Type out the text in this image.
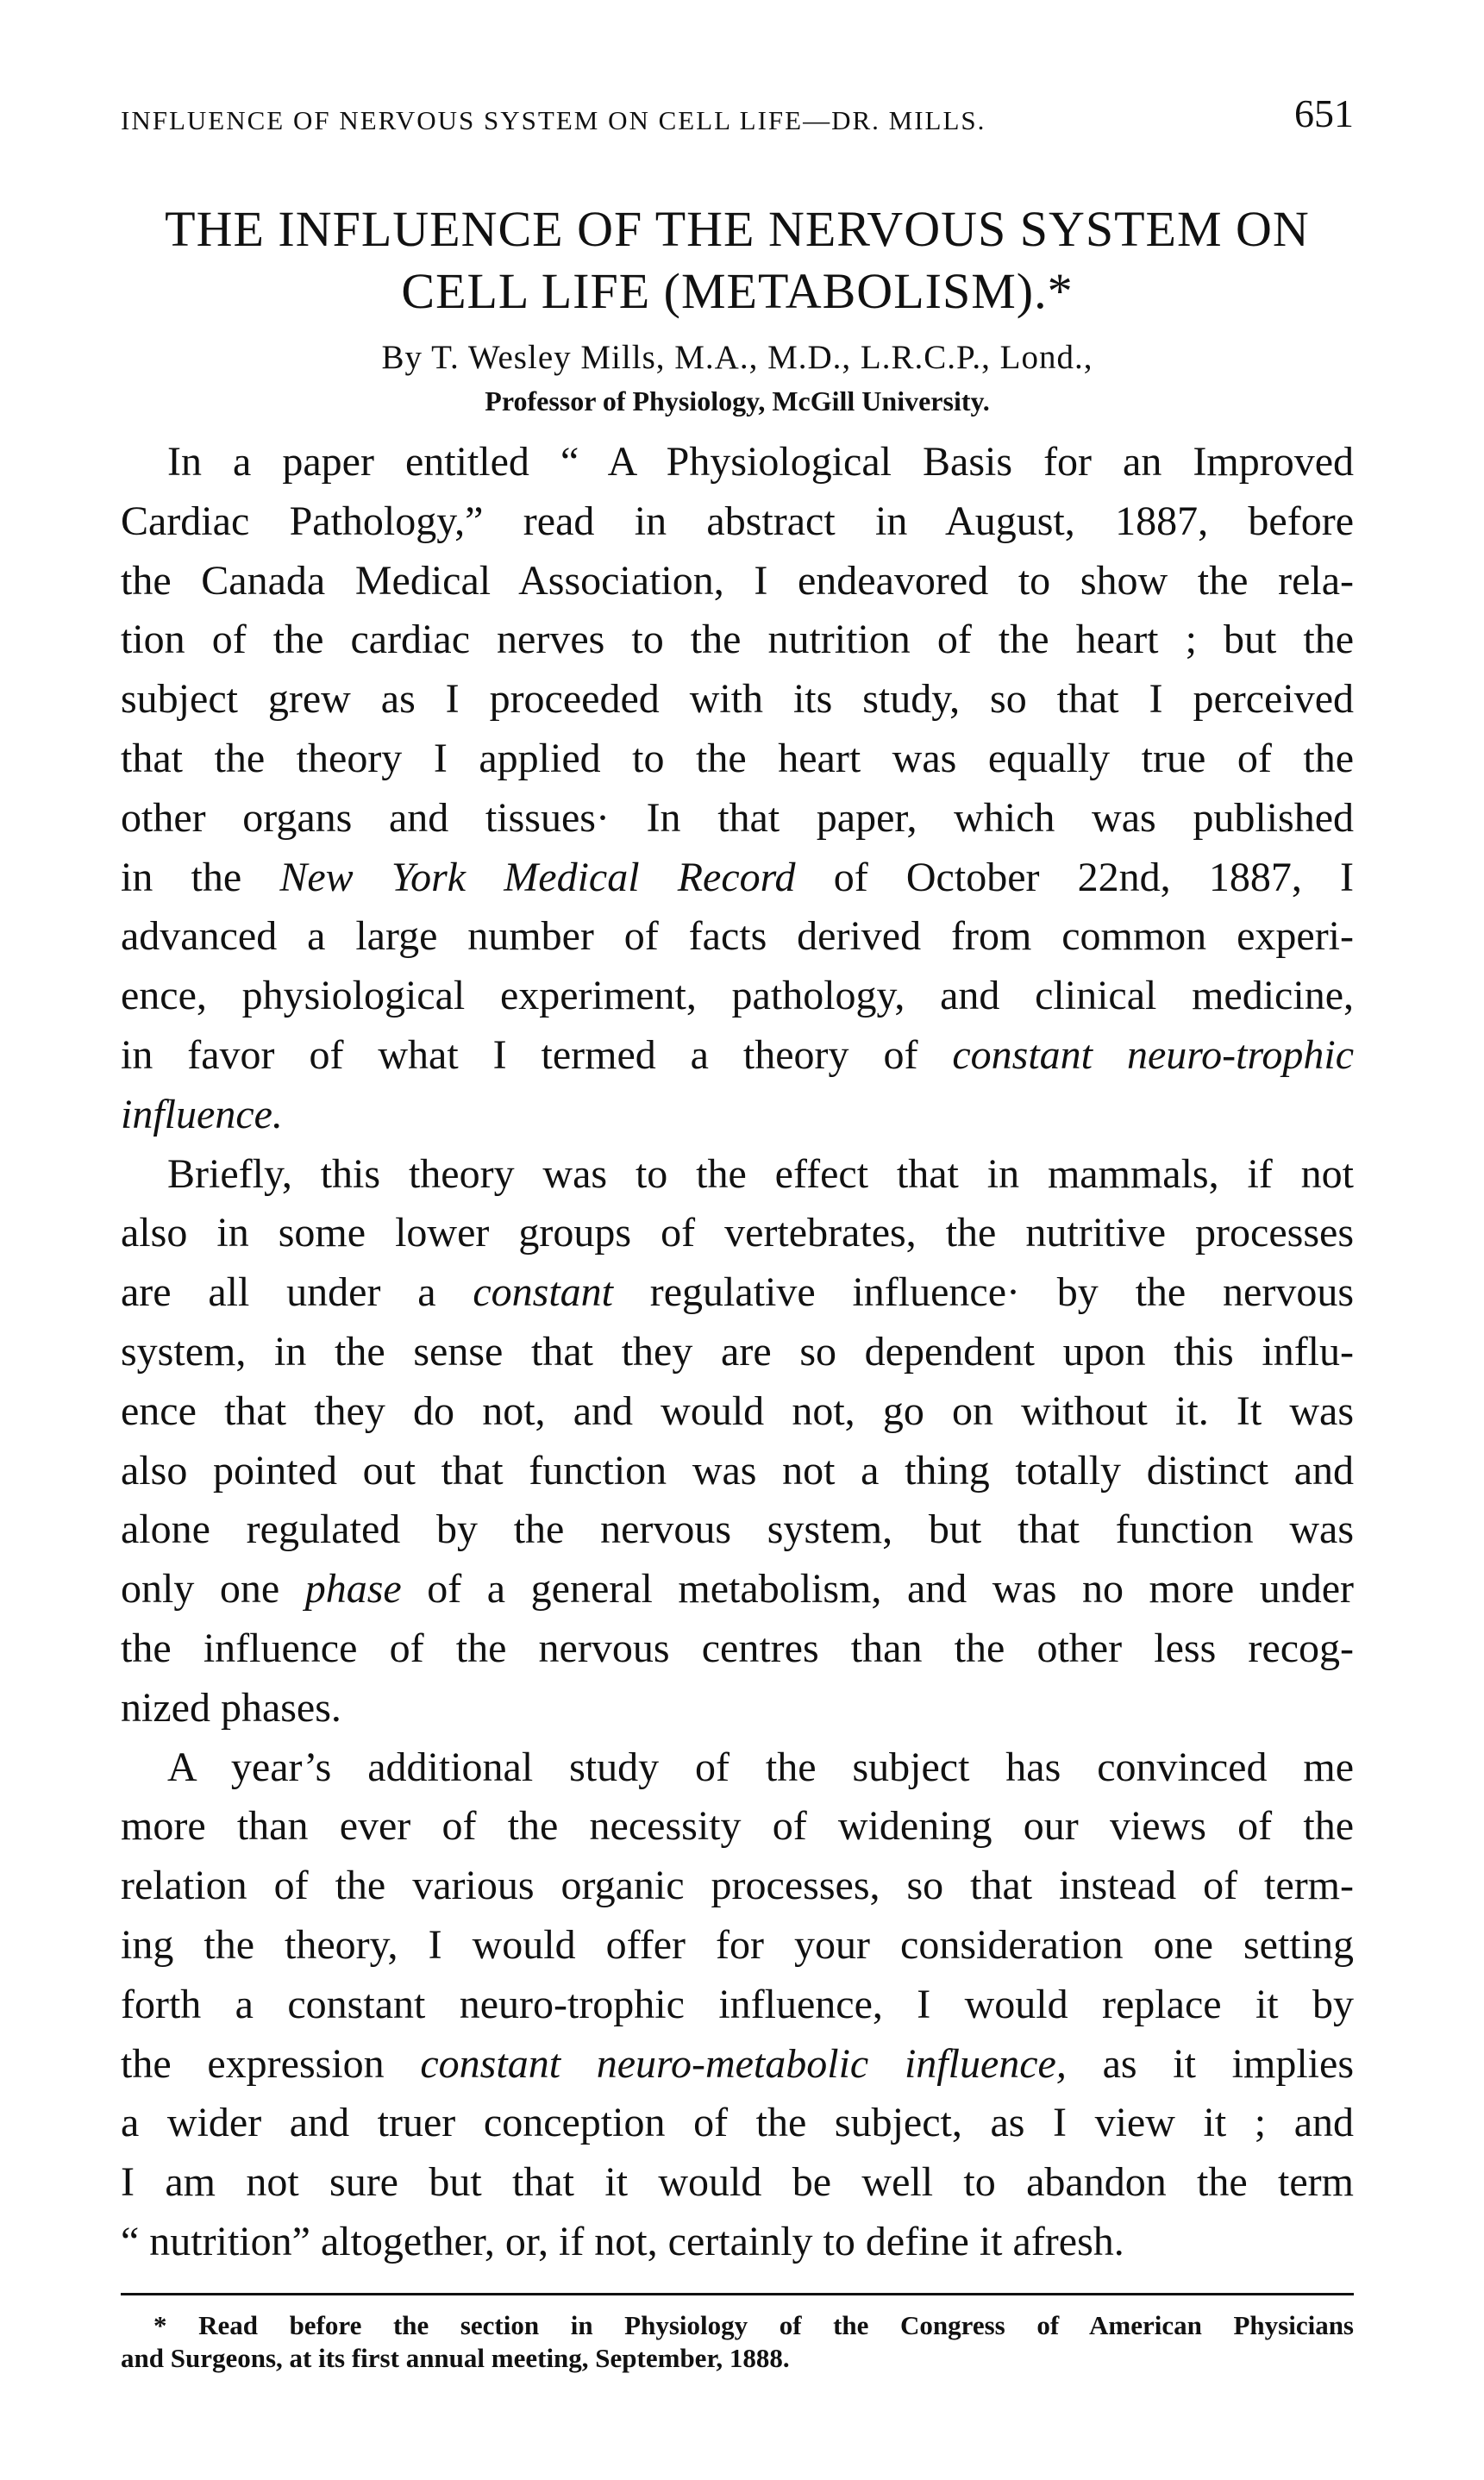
INFLUENCE OF NERVOUS SYSTEM ON CELL LIFE—DR. MILLS.	651
THE INFLUENCE OF THE NERVOUS SYSTEM ON
CELL LIFE (METABOLISM).*
By T. Wesley Mills, M.A., M.D., L.R.C.P., Lond.,
Professor of Physiology, McGill University.
In a paper entitled “ A Physiological Basis for an Improved
Cardiac Pathology,” read in abstract in August, 1887, before
the Canada Medical Association, I endeavored to show the rela-
tion of the cardiac nerves to the nutrition of the heart ; but the
subject grew as I proceeded with its study, so that I perceived
that the theory I applied to the heart was equally true of the
other organs and tissues· In that paper, which was published
in the New York Medical Record of October 22nd, 1887, I
advanced a large number of facts derived from common experi-
ence, physiological experiment, pathology, and clinical medicine,
in favor of what I termed a theory of constant neuro-trophic
influence.
Briefly, this theory was to the effect that in mammals, if not
also in some lower groups of vertebrates, the nutritive processes
are all under a constant regulative influence· by the nervous
system, in the sense that they are so dependent upon this influ-
ence that they do not, and would not, go on without it. It was
also pointed out that function was not a thing totally distinct and
alone regulated by the nervous system, but that function was
only one phase of a general metabolism, and was no more under
the influence of the nervous centres than the other less recog-
nized phases.
A year’s additional study of the subject has convinced me
more than ever of the necessity of widening our views of the
relation of the various organic processes, so that instead of term-
ing the theory, I would offer for your consideration one setting
forth a constant neuro-trophic influence, I would replace it by
the expression constant neuro-metabolic influence, as it implies
a wider and truer conception of the subject, as I view it ; and
I am not sure but that it would be well to abandon the term
“ nutrition” altogether, or, if not, certainly to define it afresh.
* Read before the section in Physiology of the Congress of American Physicians
and Surgeons, at its first annual meeting, September, 1888.
